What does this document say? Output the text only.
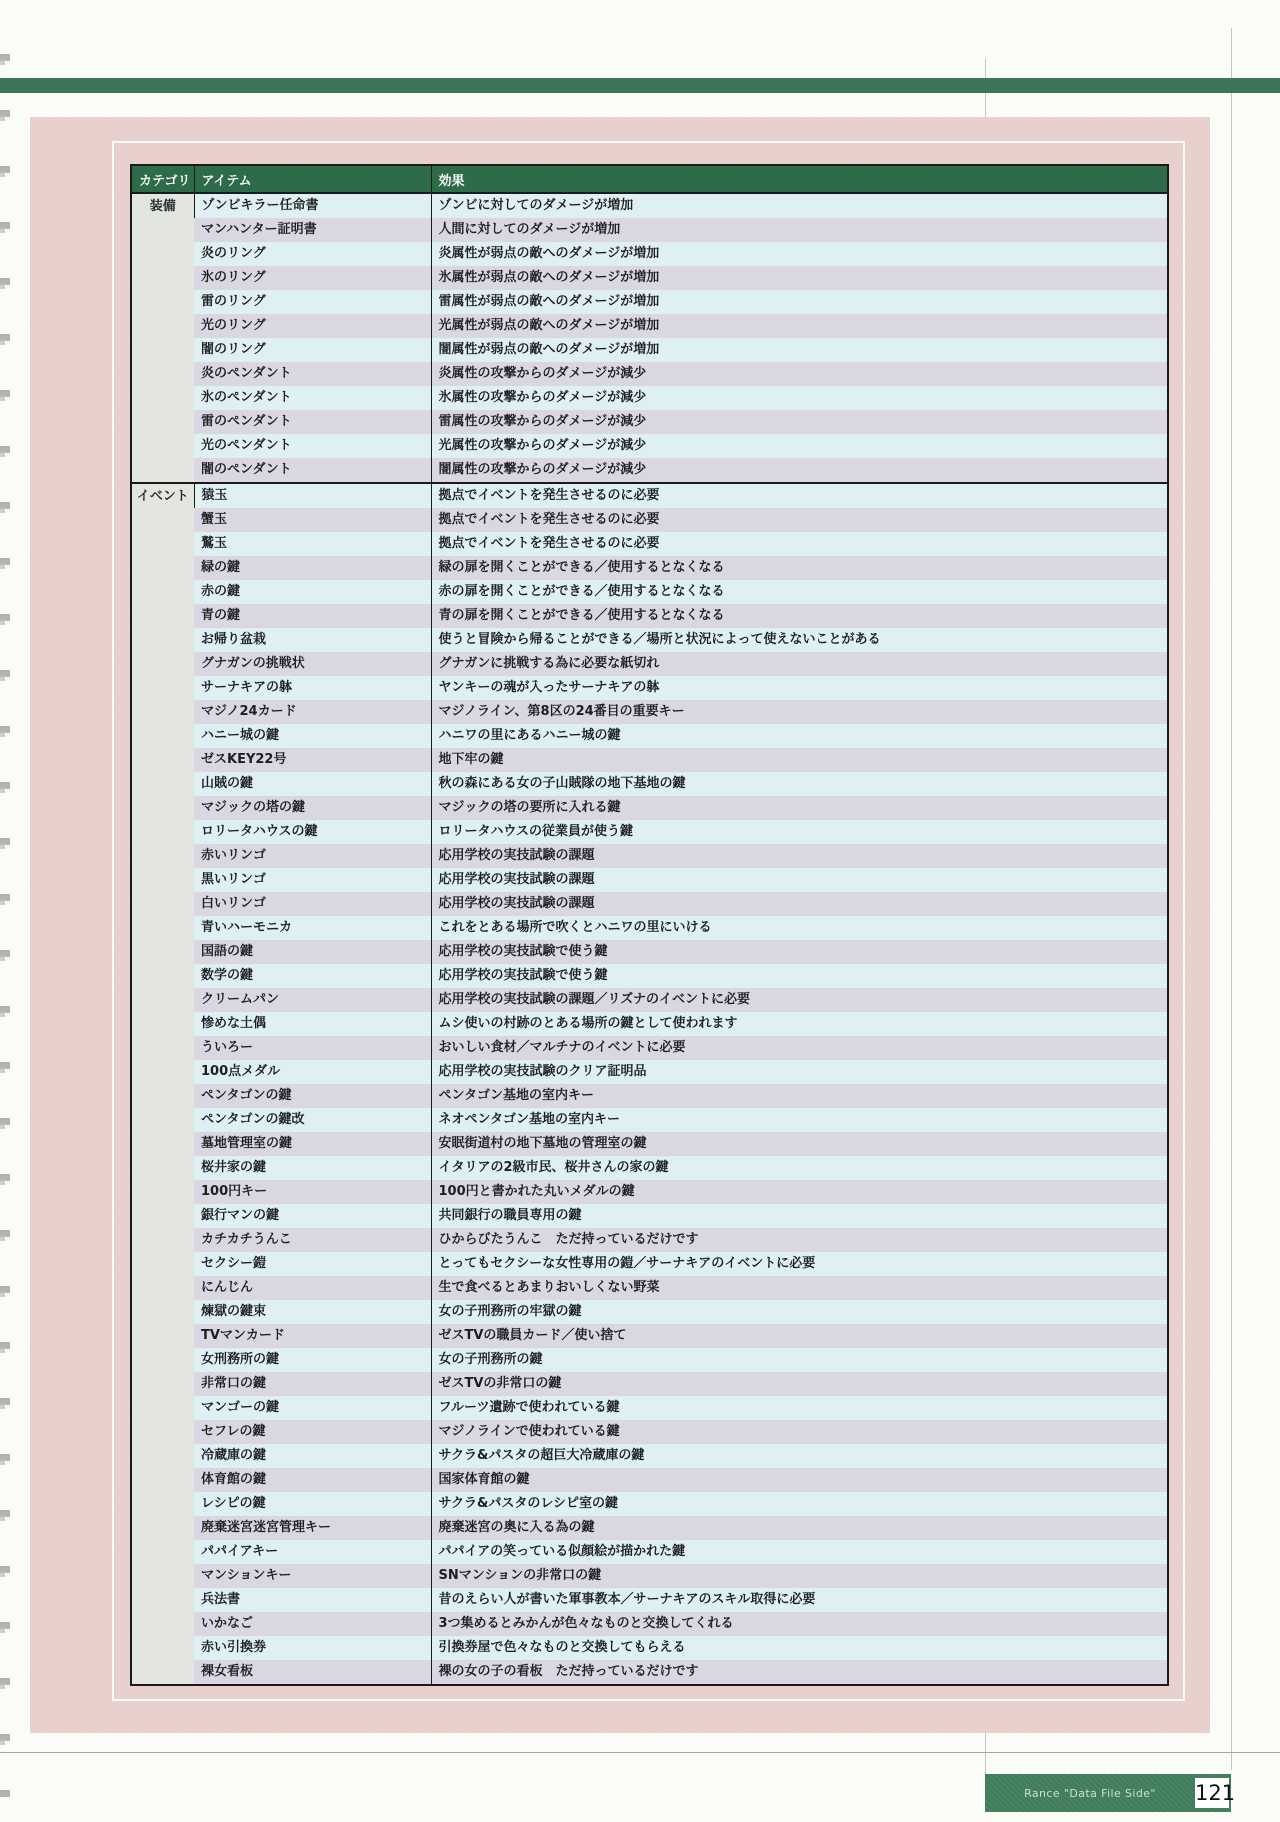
カテゴリ	アイテム	効果
装備	ゾンビキラー任命書	ゾンビに対してのダメージが増加
	マンハンター証明書	人間に対してのダメージが増加
	炎のリング	炎属性が弱点の敵へのダメージが増加
	氷のリング	氷属性が弱点の敵へのダメージが増加
	雷のリング	雷属性が弱点の敵へのダメージが増加
	光のリング	光属性が弱点の敵へのダメージが増加
	闇のリング	闇属性が弱点の敵へのダメージが増加
	炎のペンダント	炎属性の攻撃からのダメージが減少
	氷のペンダント	氷属性の攻撃からのダメージが減少
	雷のペンダント	雷属性の攻撃からのダメージが減少
	光のペンダント	光属性の攻撃からのダメージが減少
	闇のペンダント	闇属性の攻撃からのダメージが減少
イベント	猿玉	拠点でイベントを発生させるのに必要
	蟹玉	拠点でイベントを発生させるのに必要
	鷲玉	拠点でイベントを発生させるのに必要
	緑の鍵	緑の扉を開くことができる／使用するとなくなる
	赤の鍵	赤の扉を開くことができる／使用するとなくなる
	青の鍵	青の扉を開くことができる／使用するとなくなる
	お帰り盆栽	使うと冒険から帰ることができる／場所と状況によって使えないことがある
	グナガンの挑戦状	グナガンに挑戦する為に必要な紙切れ
	サーナキアの躰	ヤンキーの魂が入ったサーナキアの躰
	マジノ24カード	マジノライン、第8区の24番目の重要キー
	ハニー城の鍵	ハニワの里にあるハニー城の鍵
	ゼスKEY22号	地下牢の鍵
	山賊の鍵	秋の森にある女の子山賊隊の地下基地の鍵
	マジックの塔の鍵	マジックの塔の要所に入れる鍵
	ロリータハウスの鍵	ロリータハウスの従業員が使う鍵
	赤いリンゴ	応用学校の実技試験の課題
	黒いリンゴ	応用学校の実技試験の課題
	白いリンゴ	応用学校の実技試験の課題
	青いハーモニカ	これをとある場所で吹くとハニワの里にいける
	国語の鍵	応用学校の実技試験で使う鍵
	数学の鍵	応用学校の実技試験で使う鍵
	クリームパン	応用学校の実技試験の課題／リズナのイベントに必要
	惨めな土偶	ムシ使いの村跡のとある場所の鍵として使われます
	ういろー	おいしい食材／マルチナのイベントに必要
	100点メダル	応用学校の実技試験のクリア証明品
	ペンタゴンの鍵	ペンタゴン基地の室内キー
	ペンタゴンの鍵改	ネオペンタゴン基地の室内キー
	墓地管理室の鍵	安眠街道村の地下墓地の管理室の鍵
	桜井家の鍵	イタリアの2級市民、桜井さんの家の鍵
	100円キー	100円と書かれた丸いメダルの鍵
	銀行マンの鍵	共同銀行の職員専用の鍵
	カチカチうんこ	ひからびたうんこ　ただ持っているだけです
	セクシー鎧	とってもセクシーな女性専用の鎧／サーナキアのイベントに必要
	にんじん	生で食べるとあまりおいしくない野菜
	煉獄の鍵束	女の子刑務所の牢獄の鍵
	TVマンカード	ゼスTVの職員カード／使い捨て
	女刑務所の鍵	女の子刑務所の鍵
	非常口の鍵	ゼスTVの非常口の鍵
	マンゴーの鍵	フルーツ遺跡で使われている鍵
	セフレの鍵	マジノラインで使われている鍵
	冷蔵庫の鍵	サクラ&パスタの超巨大冷蔵庫の鍵
	体育館の鍵	国家体育館の鍵
	レシピの鍵	サクラ&パスタのレシピ室の鍵
	廃棄迷宮迷宮管理キー	廃棄迷宮の奥に入る為の鍵
	パパイアキー	パパイアの笑っている似顔絵が描かれた鍵
	マンションキー	SNマンションの非常口の鍵
	兵法書	昔のえらい人が書いた軍事教本／サーナキアのスキル取得に必要
	いかなご	3つ集めるとみかんが色々なものと交換してくれる
	赤い引換券	引換券屋で色々なものと交換してもらえる
	裸女看板	裸の女の子の看板　ただ持っているだけです
Rance "Data File Side"	121
